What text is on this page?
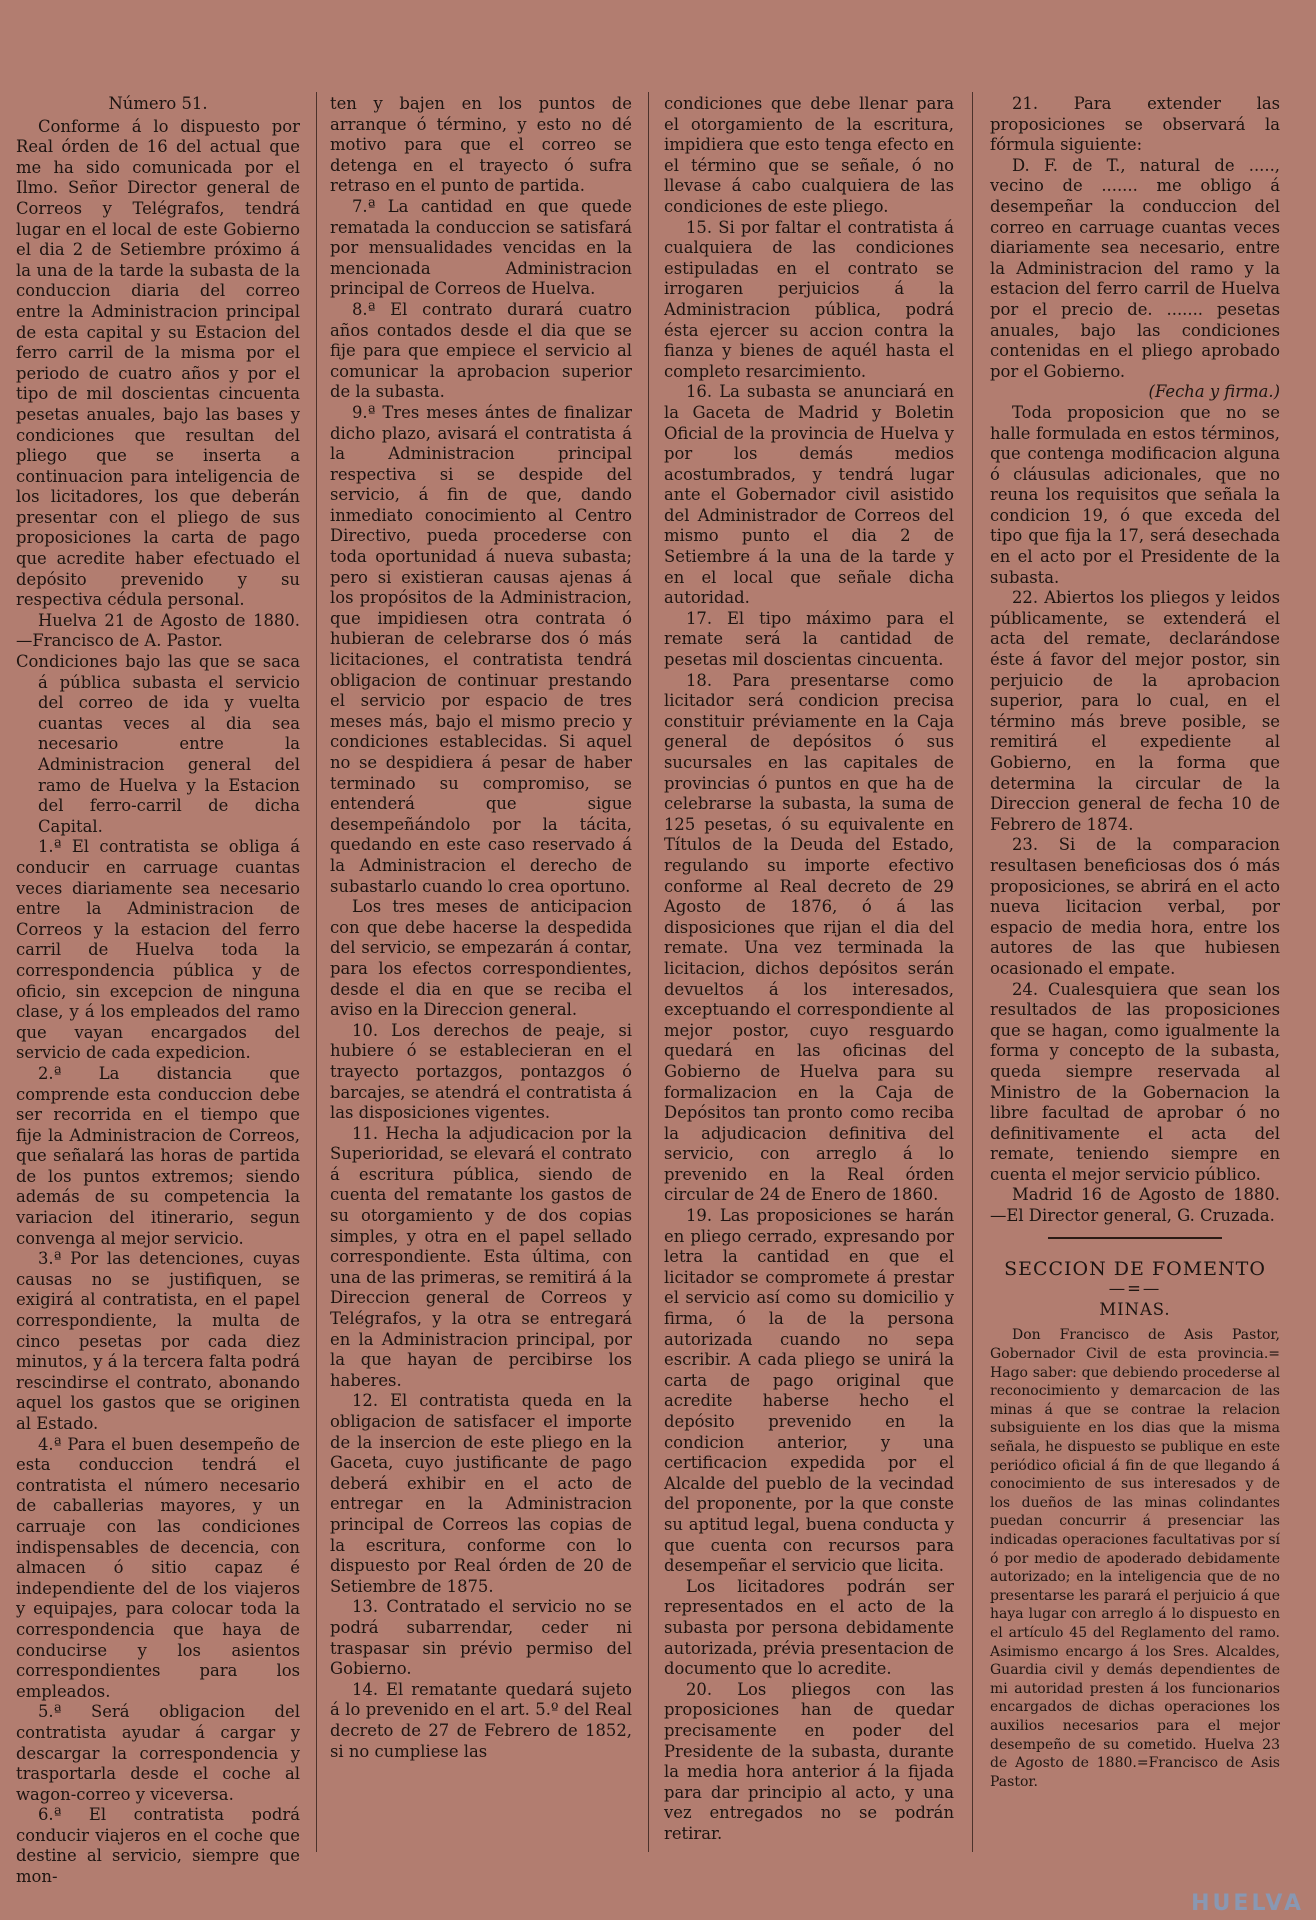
Número 51.

Conforme á lo dispuesto por Real órden de 16 del actual que me ha sido comunicada por el Ilmo. Señor Director general de Correos y Telégrafos, tendrá lugar en el local de este Gobierno el dia 2 de Setiembre próximo á la una de la tarde la subasta de la conduccion diaria del correo entre la Administracion principal de esta capital y su Estacion del ferro carril de la misma por el periodo de cuatro años y por el tipo de mil doscientas cincuenta pesetas anuales, bajo las bases y condiciones que resultan del pliego que se inserta a continuacion para inteligencia de los licitadores, los que deberán presentar con el pliego de sus proposiciones la carta de pago que acredite haber efectuado el depósito prevenido y su respectiva cédula personal.

Huelva 21 de Agosto de 1880. —Francisco de A. Pastor.

Condiciones bajo las que se saca á pública subasta el servicio del correo de ida y vuelta cuantas veces al dia sea necesario entre la Administracion general del ramo de Huelva y la Estacion del ferro-carril de dicha Capital.

1.ª El contratista se obliga á conducir en carruage cuantas veces diariamente sea necesario entre la Administracion de Correos y la estacion del ferro carril de Huelva toda la correspondencia pública y de oficio, sin excepcion de ninguna clase, y á los empleados del ramo que vayan encargados del servicio de cada expedicion.

2.ª La distancia que comprende esta conduccion debe ser recorrida en el tiempo que fije la Administracion de Correos, que señalará las horas de partida de los puntos extremos; siendo además de su competencia la variacion del itinerario, segun convenga al mejor servicio.

3.ª Por las detenciones, cuyas causas no se justifiquen, se exigirá al contratista, en el papel correspondiente, la multa de cinco pesetas por cada diez minutos, y á la tercera falta podrá rescindirse el contrato, abonando aquel los gastos que se originen al Estado.

4.ª Para el buen desempeño de esta conduccion tendrá el contratista el número necesario de caballerias mayores, y un carruaje con las condiciones indispensables de decencia, con almacen ó sitio capaz é independiente del de los viajeros y equipajes, para colocar toda la correspondencia que haya de conducirse y los asientos correspondientes para los empleados.

5.ª Será obligacion del contratista ayudar á cargar y descargar la correspondencia y trasportarla desde el coche al wagon-correo y viceversa.

6.ª El contratista podrá conducir viajeros en el coche que destine al servicio, siempre que mon-

ten y bajen en los puntos de arranque ó término, y esto no dé motivo para que el correo se detenga en el trayecto ó sufra retraso en el punto de partida.

7.ª La cantidad en que quede rematada la conduccion se satisfará por mensualidades vencidas en la mencionada Administracion principal de Correos de Huelva.

8.ª El contrato durará cuatro años contados desde el dia que se fije para que empiece el servicio al comunicar la aprobacion superior de la subasta.

9.ª Tres meses ántes de finalizar dicho plazo, avisará el contratista á la Administracion principal respectiva si se despide del servicio, á fin de que, dando inmediato conocimiento al Centro Directivo, pueda procederse con toda oportunidad á nueva subasta; pero si existieran causas ajenas á los propósitos de la Administracion, que impidiesen otra contrata ó hubieran de celebrarse dos ó más licitaciones, el contratista tendrá obligacion de continuar prestando el servicio por espacio de tres meses más, bajo el mismo precio y condiciones establecidas. Si aquel no se despidiera á pesar de haber terminado su compromiso, se entenderá que sigue desempeñándolo por la tácita, quedando en este caso reservado á la Administracion el derecho de subastarlo cuando lo crea oportuno.

Los tres meses de anticipacion con que debe hacerse la despedida del servicio, se empezarán á contar, para los efectos correspondientes, desde el dia en que se reciba el aviso en la Direccion general.

10. Los derechos de peaje, si hubiere ó se establecieran en el trayecto portazgos, pontazgos ó barcajes, se atendrá el contratista á las disposiciones vigentes.

11. Hecha la adjudicacion por la Superioridad, se elevará el contrato á escritura pública, siendo de cuenta del rematante los gastos de su otorgamiento y de dos copias simples, y otra en el papel sellado correspondiente. Esta última, con una de las primeras, se remitirá á la Direccion general de Correos y Telégrafos, y la otra se entregará en la Administracion principal, por la que hayan de percibirse los haberes.

12. El contratista queda en la obligacion de satisfacer el importe de la insercion de este pliego en la Gaceta, cuyo justificante de pago deberá exhibir en el acto de entregar en la Administracion principal de Correos las copias de la escritura, conforme con lo dispuesto por Real órden de 20 de Setiembre de 1875.

13. Contratado el servicio no se podrá subarrendar, ceder ni traspasar sin prévio permiso del Gobierno.

14. El rematante quedará sujeto á lo prevenido en el art. 5.º del Real decreto de 27 de Febrero de 1852, si no cumpliese las

condiciones que debe llenar para el otorgamiento de la escritura, impidiera que esto tenga efecto en el término que se señale, ó no llevase á cabo cualquiera de las condiciones de este pliego.

15. Si por faltar el contratista á cualquiera de las condiciones estipuladas en el contrato se irrogaren perjuicios á la Administracion pública, podrá ésta ejercer su accion contra la fianza y bienes de aquél hasta el completo resarcimiento.

16. La subasta se anunciará en la Gaceta de Madrid y Boletin Oficial de la provincia de Huelva y por los demás medios acostumbrados, y tendrá lugar ante el Gobernador civil asistido del Administrador de Correos del mismo punto el dia 2 de Setiembre á la una de la tarde y en el local que señale dicha autoridad.

17. El tipo máximo para el remate será la cantidad de pesetas mil doscientas cincuenta.

18. Para presentarse como licitador será condicion precisa constituir préviamente en la Caja general de depósitos ó sus sucursales en las capitales de provincias ó puntos en que ha de celebrarse la subasta, la suma de 125 pesetas, ó su equivalente en Títulos de la Deuda del Estado, regulando su importe efectivo conforme al Real decreto de 29 Agosto de 1876, ó á las disposiciones que rijan el dia del remate. Una vez terminada la licitacion, dichos depósitos serán devueltos á los interesados, exceptuando el correspondiente al mejor postor, cuyo resguardo quedará en las oficinas del Gobierno de Huelva para su formalizacion en la Caja de Depósitos tan pronto como reciba la adjudicacion definitiva del servicio, con arreglo á lo prevenido en la Real órden circular de 24 de Enero de 1860.

19. Las proposiciones se harán en pliego cerrado, expresando por letra la cantidad en que el licitador se compromete á prestar el servicio así como su domicilio y firma, ó la de la persona autorizada cuando no sepa escribir. A cada pliego se unirá la carta de pago original que acredite haberse hecho el depósito prevenido en la condicion anterior, y una certificacion expedida por el Alcalde del pueblo de la vecindad del proponente, por la que conste su aptitud legal, buena conducta y que cuenta con recursos para desempeñar el servicio que licita.

Los licitadores podrán ser representados en el acto de la subasta por persona debidamente autorizada, prévia presentacion de documento que lo acredite.

20. Los pliegos con las proposiciones han de quedar precisamente en poder del Presidente de la subasta, durante la media hora anterior á la fijada para dar principio al acto, y una vez entregados no se podrán retirar.

21. Para extender las proposiciones se observará la fórmula siguiente:

D. F. de T., natural de ....., vecino de ....... me obligo á desempeñar la conduccion del correo en carruage cuantas veces diariamente sea necesario, entre la Administracion del ramo y la estacion del ferro carril de Huelva por el precio de. ....... pesetas anuales, bajo las condiciones contenidas en el pliego aprobado por el Gobierno.

(Fecha y firma.)

Toda proposicion que no se halle formulada en estos términos, que contenga modificacion alguna ó cláusulas adicionales, que no reuna los requisitos que señala la condicion 19, ó que exceda del tipo que fija la 17, será desechada en el acto por el Presidente de la subasta.

22. Abiertos los pliegos y leidos públicamente, se extenderá el acta del remate, declarándose éste á favor del mejor postor, sin perjuicio de la aprobacion superior, para lo cual, en el término más breve posible, se remitirá el expediente al Gobierno, en la forma que determina la circular de la Direccion general de fecha 10 de Febrero de 1874.

23. Si de la comparacion resultasen beneficiosas dos ó más proposiciones, se abrirá en el acto nueva licitacion verbal, por espacio de media hora, entre los autores de las que hubiesen ocasionado el empate.

24. Cualesquiera que sean los resultados de las proposiciones que se hagan, como igualmente la forma y concepto de la subasta, queda siempre reservada al Ministro de la Gobernacion la libre facultad de aprobar ó no definitivamente el acta del remate, teniendo siempre en cuenta el mejor servicio público.

Madrid 16 de Agosto de 1880. —El Director general, G. Cruzada.

SECCION DE FOMENTO

—=—

MINAS.

Don Francisco de Asis Pastor, Gobernador Civil de esta provincia.= Hago saber: que debiendo procederse al reconocimiento y demarcacion de las minas á que se contrae la relacion subsiguiente en los dias que la misma señala, he dispuesto se publique en este periódico oficial á fin de que llegando á conocimiento de sus interesados y de los dueños de las minas colindantes puedan concurrir á presenciar las indicadas operaciones facultativas por sí ó por medio de apoderado debidamente autorizado; en la inteligencia que de no presentarse les parará el perjuicio á que haya lugar con arreglo á lo dispuesto en el artículo 45 del Reglamento del ramo. Asimismo encargo á los Sres. Alcaldes, Guardia civil y demás dependientes de mi autoridad presten á los funcionarios encargados de dichas operaciones los auxilios necesarios para el mejor desempeño de su cometido. Huelva 23 de Agosto de 1880.=Francisco de Asis Pastor.

HUELVA
